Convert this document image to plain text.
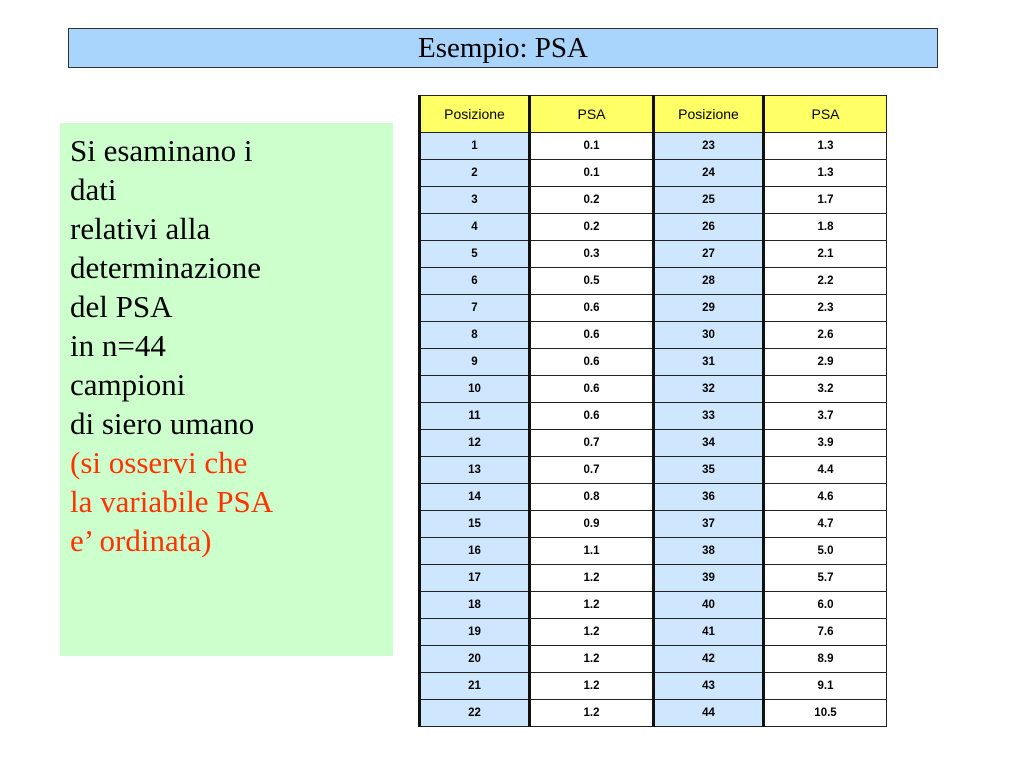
Esempio: PSA
Si esaminano i
dati
relativi alla
determinazione
del PSA
in n=44
campioni
di siero umano
(si osservi che
la variabile PSA
e’ ordinata)
Posizione	PSA	Posizione	PSA
1	0.1	23	1.3
2	0.1	24	1.3
3	0.2	25	1.7
4	0.2	26	1.8
5	0.3	27	2.1
6	0.5	28	2.2
7	0.6	29	2.3
8	0.6	30	2.6
9	0.6	31	2.9
10	0.6	32	3.2
11	0.6	33	3.7
12	0.7	34	3.9
13	0.7	35	4.4
14	0.8	36	4.6
15	0.9	37	4.7
16	1.1	38	5.0
17	1.2	39	5.7
18	1.2	40	6.0
19	1.2	41	7.6
20	1.2	42	8.9
21	1.2	43	9.1
22	1.2	44	10.5
